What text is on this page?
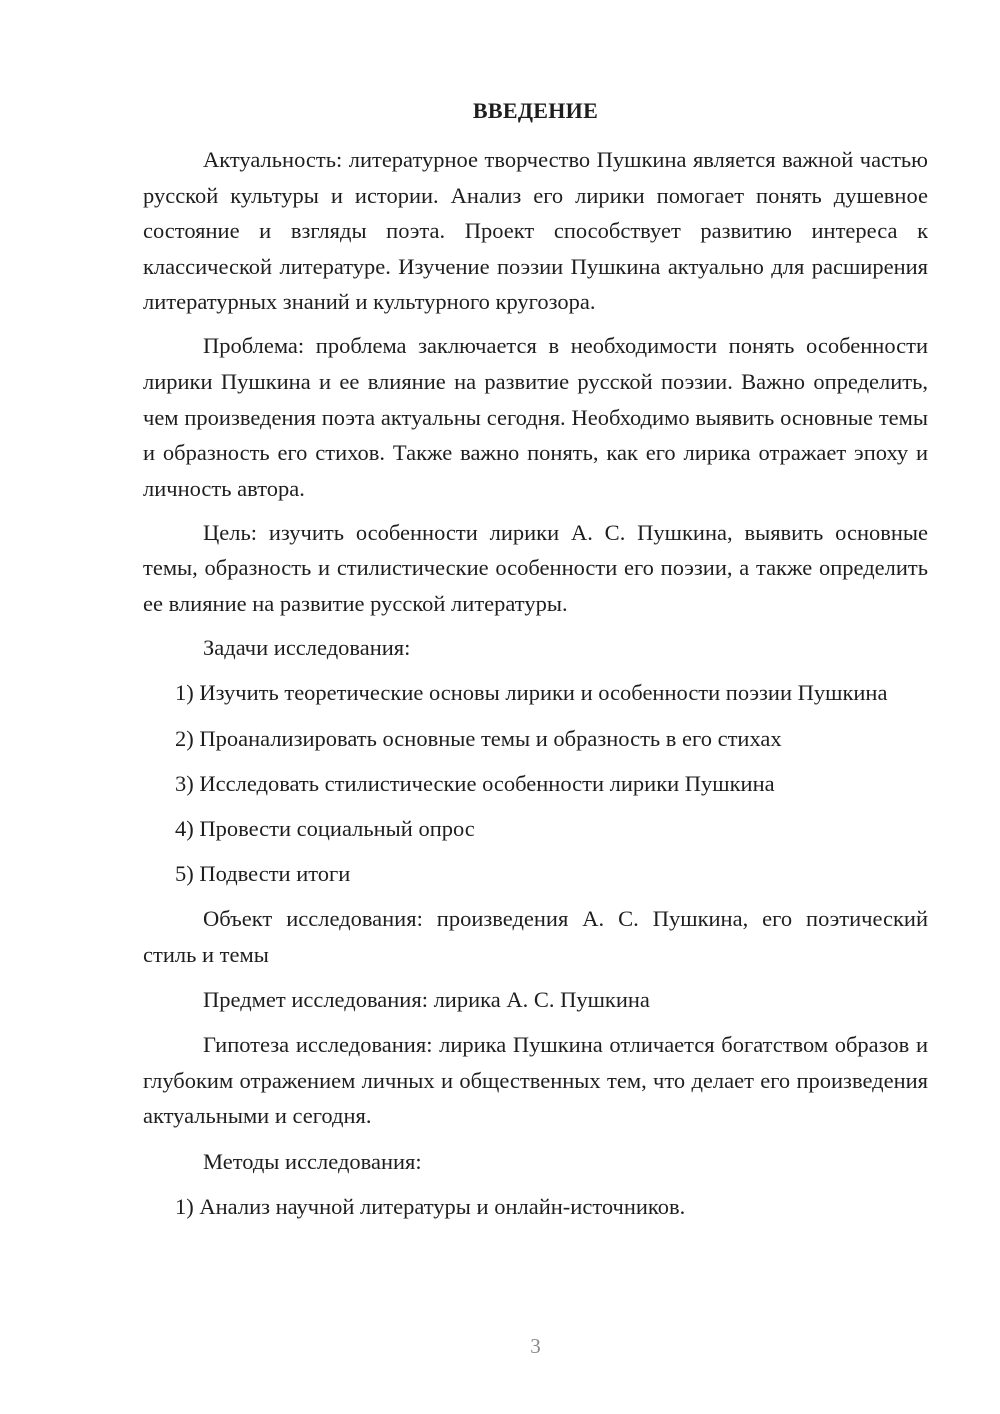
ВВЕДЕНИЕ

Актуальность: литературное творчество Пушкина является важной частью русской культуры и истории. Анализ его лирики помогает понять душевное состояние и взгляды поэта. Проект способствует развитию интереса к классической литературе. Изучение поэзии Пушкина актуально для расширения литературных знаний и культурного кругозора.

Проблема: проблема заключается в необходимости понять особенности лирики Пушкина и ее влияние на развитие русской поэзии. Важно определить, чем произведения поэта актуальны сегодня. Необходимо выявить основные темы и образность его стихов. Также важно понять, как его лирика отражает эпоху и личность автора.

Цель: изучить особенности лирики А. С. Пушкина, выявить основные темы, образность и стилистические особенности его поэзии, а также определить ее влияние на развитие русской литературы.

Задачи исследования:

1) Изучить теоретические основы лирики и особенности поэзии Пушкина

2) Проанализировать основные темы и образность в его стихах

3) Исследовать стилистические особенности лирики Пушкина

4) Провести социальный опрос

5) Подвести итоги

Объект исследования: произведения А. С. Пушкина, его поэтический стиль и темы

Предмет исследования: лирика А. С. Пушкина

Гипотеза исследования: лирика Пушкина отличается богатством образов и глубоким отражением личных и общественных тем, что делает его произведения актуальными и сегодня.

Методы исследования:

1) Анализ научной литературы и онлайн-источников.

3
